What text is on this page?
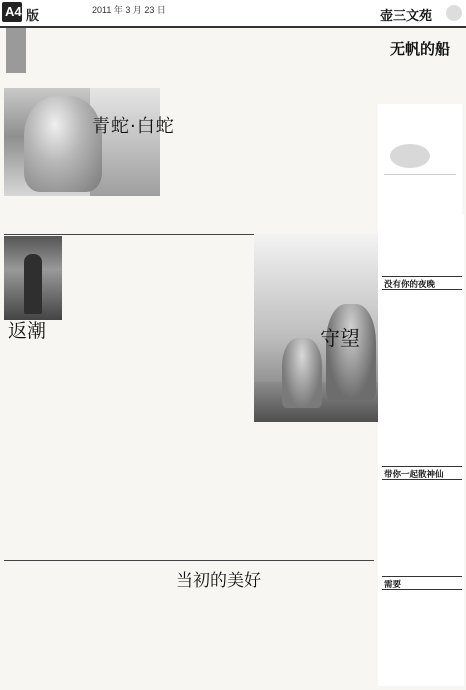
A4 版	2011 年 3 月 23 日	壶三文苑

青蛇·白蛇

返潮	守望

当初的美好

无帆的船
没有你的夜晚
带你一起散神仙
需要
